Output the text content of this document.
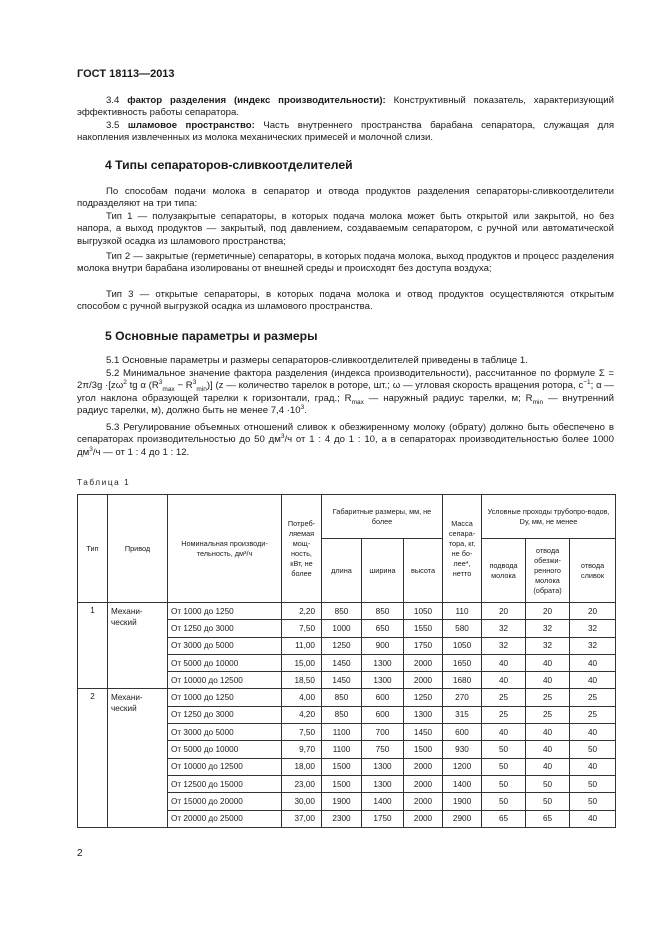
ГОСТ 18113—2013
3.4 фактор разделения (индекс производительности): Конструктивный показатель, характеризующий эффективность работы сепаратора.
3.5 шламовое пространство: Часть внутреннего пространства барабана сепаратора, служащая для накопления извлеченных из молока механических примесей и молочной слизи.
4 Типы сепараторов-сливкоотделителей
По способам подачи молока в сепаратор и отвода продуктов разделения сепараторы-сливкоотделители подразделяют на три типа:
Тип 1 — полузакрытые сепараторы, в которых подача молока может быть открытой или закрытой, но без напора, а выход продуктов — закрытый, под давлением, создаваемым сепаратором, с ручной или автоматической выгрузкой осадка из шламового пространства;
Тип 2 — закрытые (герметичные) сепараторы, в которых подача молока, выход продуктов и процесс разделения молока внутри барабана изолированы от внешней среды и происходят без доступа воздуха;
Тип 3 — открытые сепараторы, в которых подача молока и отвод продуктов осуществляются открытым способом с ручной выгрузкой осадка из шламового пространства.
5 Основные параметры и размеры
5.1 Основные параметры и размеры сепараторов-сливкоотделителей приведены в таблице 1.
5.2 Минимальное значение фактора разделения (индекса производительности), рассчитанное по формуле $\Sigma = 2\pi/3g \cdot[z\omega^2$ tg α $(R^3_{max} - R^3_{min})$] (z — количество тарелок в роторе, шт.; ω — угловая скорость вращения ротора, $с^{-1}$; α — угол наклона образующей тарелки к горизонтали, град.; $R_{max}$ — наружный радиус тарелки, м; $R_{min}$ — внутренний радиус тарелки, м), должно быть не менее $7,4 \cdot 10^3$.
5.3 Регулирование объемных отношений сливок к обезжиренному молоку (обрату) должно быть обеспечено в сепараторах производительностью до 50 $дм^3/ч$ от 1 : 4 до 1 : 10, а в сепараторах производительностью более 1000 $дм^3/ч$ — от 1 : 4 до 1 : 12.
Таблица 1
Тип	Привод	Номинальная производи-тельность, дм³/ч	Потреб-ляемая мощ-ность, кВт, не более	Габаритные размеры, мм, не более			Масса сепара-тора, кг, не бо-лее*, нетто	Условные проходы трубопро-водов, Dу, мм, не менее		
				длина	ширина	высота		подвода молока	отвода обезжи-ренного молока (обрата)	отвода сливок
1	Механи-ческий	От 1000 до 1250	2,20	850	850	1050	110	20	20	20
		От 1250 до 3000	7,50	1000	650	1550	580	32	32	32
		От 3000 до 5000	11,00	1250	900	1750	1050	32	32	32
		От 5000 до 10000	15,00	1450	1300	2000	1650	40	40	40
		От 10000 до 12500	18,50	1450	1300	2000	1680	40	40	40
2	Механи-ческий	От 1000 до 1250	4,00	850	600	1250	270	25	25	25
		От 1250 до 3000	4,20	850	600	1300	315	25	25	25
		От 3000 до 5000	7,50	1100	700	1450	600	40	40	40
		От 5000 до 10000	9,70	1100	750	1500	930	50	40	50
		От 10000 до 12500	18,00	1500	1300	2000	1200	50	40	40
		От 12500 до 15000	23,00	1500	1300	2000	1400	50	50	50
		От 15000 до 20000	30,00	1900	1400	2000	1900	50	50	50
		От 20000 до 25000	37,00	2300	1750	2000	2900	65	65	40
2
